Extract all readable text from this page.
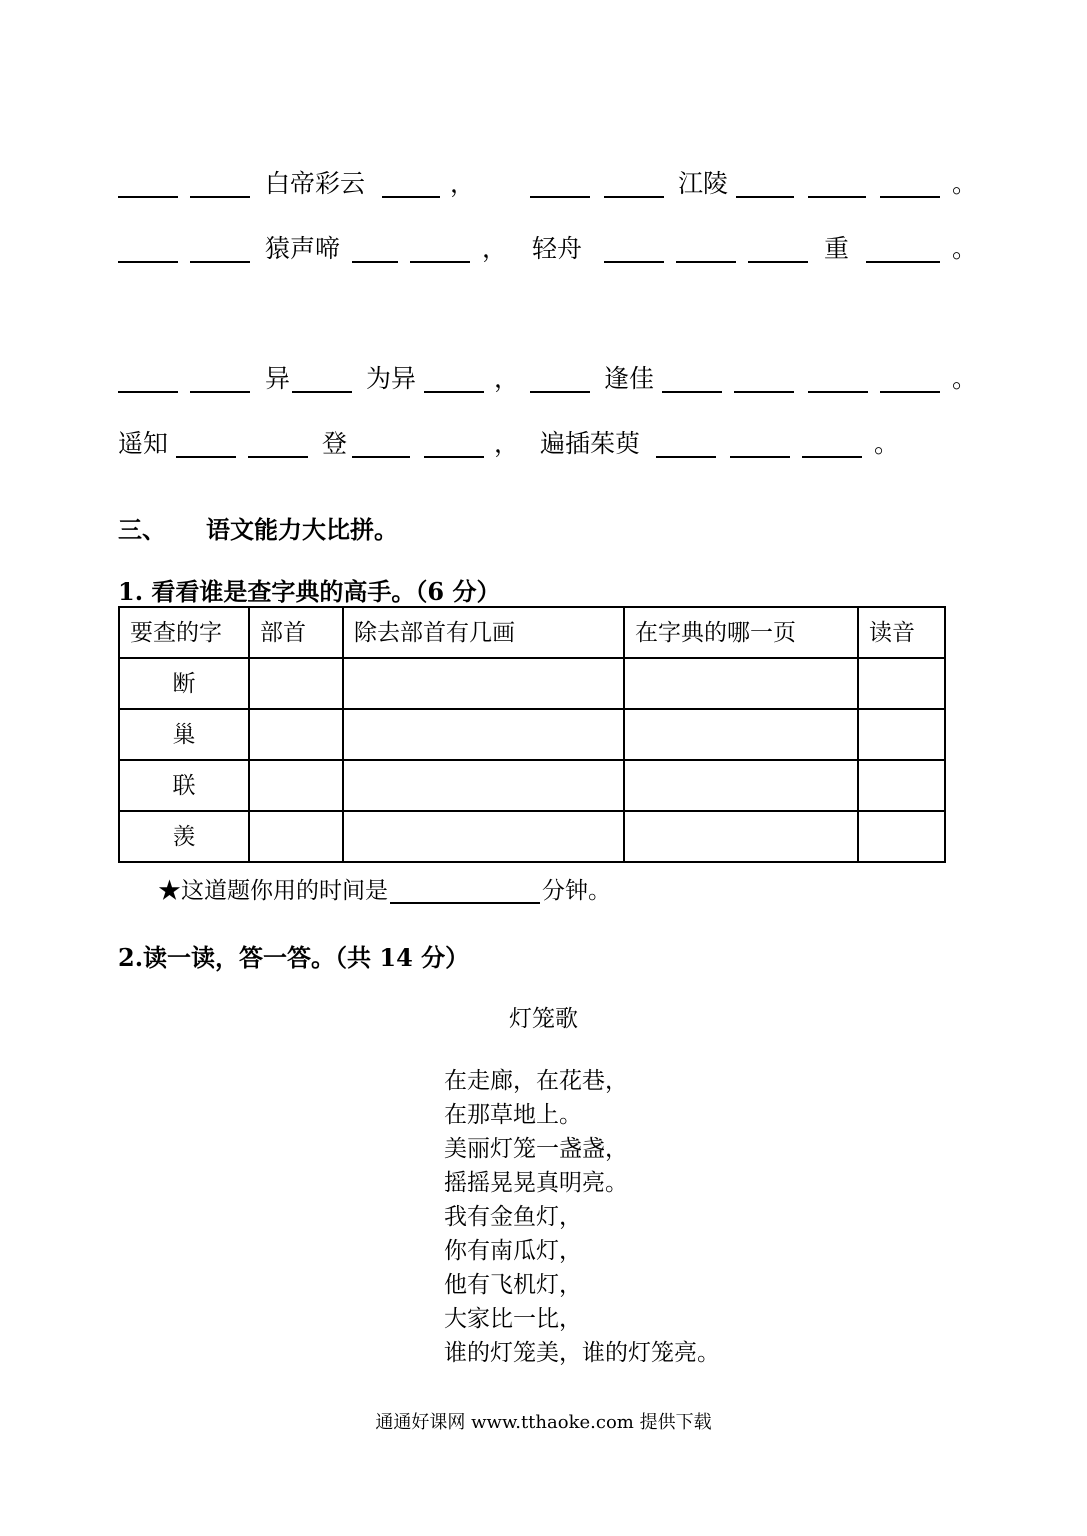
白帝彩云	，	江陵	。
猿声啼	， 轻舟	重	。
异	为异	，	逢佳	。
遥知	登	， 遍插茱萸	。
三、 语文能力大比拼。
1. 看看谁是查字典的高手。（6 分）
要查的字	部首	除去部首有几画	在字典的哪一页	读音

断				

巢				

联				

羡				

★这道题你用的时间是	分钟。
2.读一读，答一答。（共 14 分）
灯笼歌
在走廊，在花巷，
在那草地上。
美丽灯笼一盏盏，
摇摇晃晃真明亮。
我有金鱼灯，
你有南瓜灯，
他有飞机灯，
大家比一比，
谁的灯笼美，谁的灯笼亮。
通通好课网 www.tthaoke.com 提供下载
